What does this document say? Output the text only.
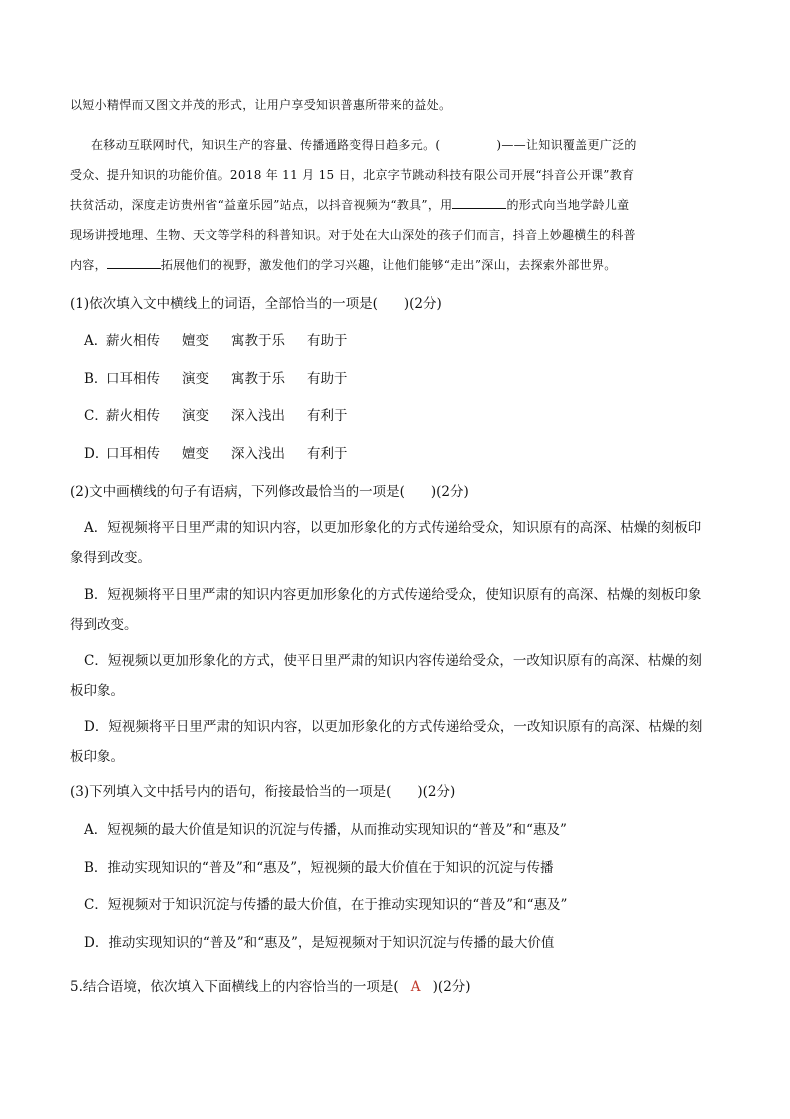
以短小精悍而又图文并茂的形式，让用户享受知识普惠所带来的益处。

在移动互联网时代，知识生产的容量、传播通路变得日趋多元。(	)——让知识覆盖更广泛的

受众、提升知识的功能价值。2018 年 11 月 15 日，北京字节跳动科技有限公司开展“抖音公开课”教育

扶贫活动，深度走访贵州省“益童乐园”站点，以抖音视频为“教具”，用	的形式向当地学龄儿童

现场讲授地理、生物、天文等学科的科普知识。对于处在大山深处的孩子们而言，抖音上妙趣横生的科普

内容，	拓展他们的视野，激发他们的学习兴趣，让他们能够“走出”深山，去探索外部世界。

(1)依次填入文中横线上的词语，全部恰当的一项是( )(2分)

A．薪火相传 嬗变 寓教于乐 有助于

B．口耳相传 演变 寓教于乐 有助于

C．薪火相传 演变 深入浅出 有利于

D．口耳相传 嬗变 深入浅出 有利于

(2)文中画横线的句子有语病，下列修改最恰当的一项是( )(2分)

A．短视频将平日里严肃的知识内容，以更加形象化的方式传递给受众，知识原有的高深、枯燥的刻板印

象得到改变。

B．短视频将平日里严肃的知识内容更加形象化的方式传递给受众，使知识原有的高深、枯燥的刻板印象

得到改变。

C．短视频以更加形象化的方式，使平日里严肃的知识内容传递给受众，一改知识原有的高深、枯燥的刻

板印象。

D．短视频将平日里严肃的知识内容，以更加形象化的方式传递给受众，一改知识原有的高深、枯燥的刻

板印象。

(3)下列填入文中括号内的语句，衔接最恰当的一项是( )(2分)

A．短视频的最大价值是知识的沉淀与传播，从而推动实现知识的“普及”和“惠及”

B．推动实现知识的“普及”和“惠及”，短视频的最大价值在于知识的沉淀与传播

C．短视频对于知识沉淀与传播的最大价值，在于推动实现知识的“普及”和“惠及”

D．推动实现知识的“普及”和“惠及”，是短视频对于知识沉淀与传播的最大价值

5.结合语境，依次填入下面横线上的内容恰当的一项是( A )(2分)
